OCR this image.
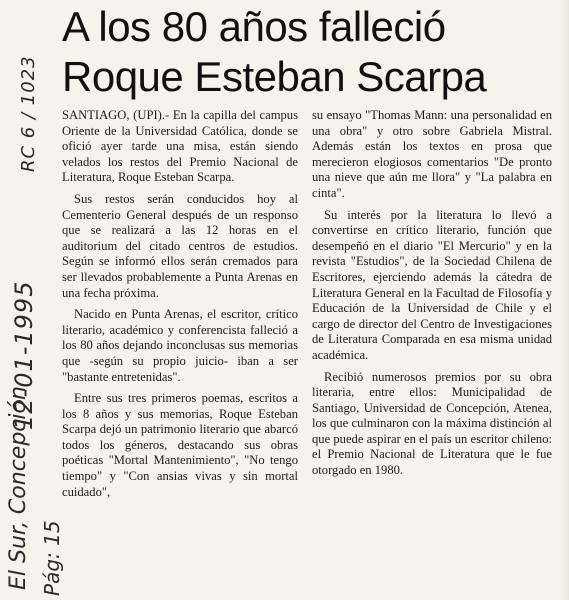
RC 6 / 1023
12-01-1995
El Sur, Concepción Pág: 15
A los 80 años falleció
Roque Esteban Scarpa

SANTIAGO, (UPI).- En la capilla del campus Oriente de la Universidad Católica, donde se ofició ayer tarde una misa, están siendo velados los restos del Premio Nacional de Literatura, Roque Esteban Scarpa.

Sus restos serán conducidos hoy al Cementerio General después de un responso que se realizará a las 12 horas en el auditorium del citado centros de estudios. Según se informó ellos serán cremados para ser llevados probablemente a Punta Arenas en una fecha próxima.

Nacido en Punta Arenas, el escritor, crítico literario, académico y conferencista falleció a los 80 años dejando inconclusas sus memorias que -según su propio juicio- iban a ser "bastante entretenidas".

Entre sus tres primeros poemas, escritos a los 8 años y sus memorias, Roque Esteban Scarpa dejó un patrimonio literario que abarcó todos los géneros, destacando sus obras poéticas "Mortal Mantenimiento", "No tengo tiempo" y "Con ansias vivas y sin mortal cuidado",

su ensayo "Thomas Mann: una personalidad en una obra" y otro sobre Gabriela Mistral. Además están los textos en prosa que merecieron elogiosos comentarios "De pronto una nieve que aún me llora" y "La palabra en cinta".

Su interés por la literatura lo llevó a convertirse en crítico literario, función que desempeñó en el diario "El Mercurio" y en la revista "Estudios", de la Sociedad Chilena de Escritores, ejerciendo además la cátedra de Literatura General en la Facultad de Filosofía y Educación de la Universidad de Chile y el cargo de director del Centro de Investigaciones de Literatura Comparada en esa misma unidad académica.

Recibió numerosos premios por su obra literaria, entre ellos: Municipalidad de Santiago, Universidad de Concepción, Atenea, los que culminaron con la máxima distinción al que puede aspirar en el país un escritor chileno: el Premio Nacional de Literatura que le fue otorgado en 1980.
